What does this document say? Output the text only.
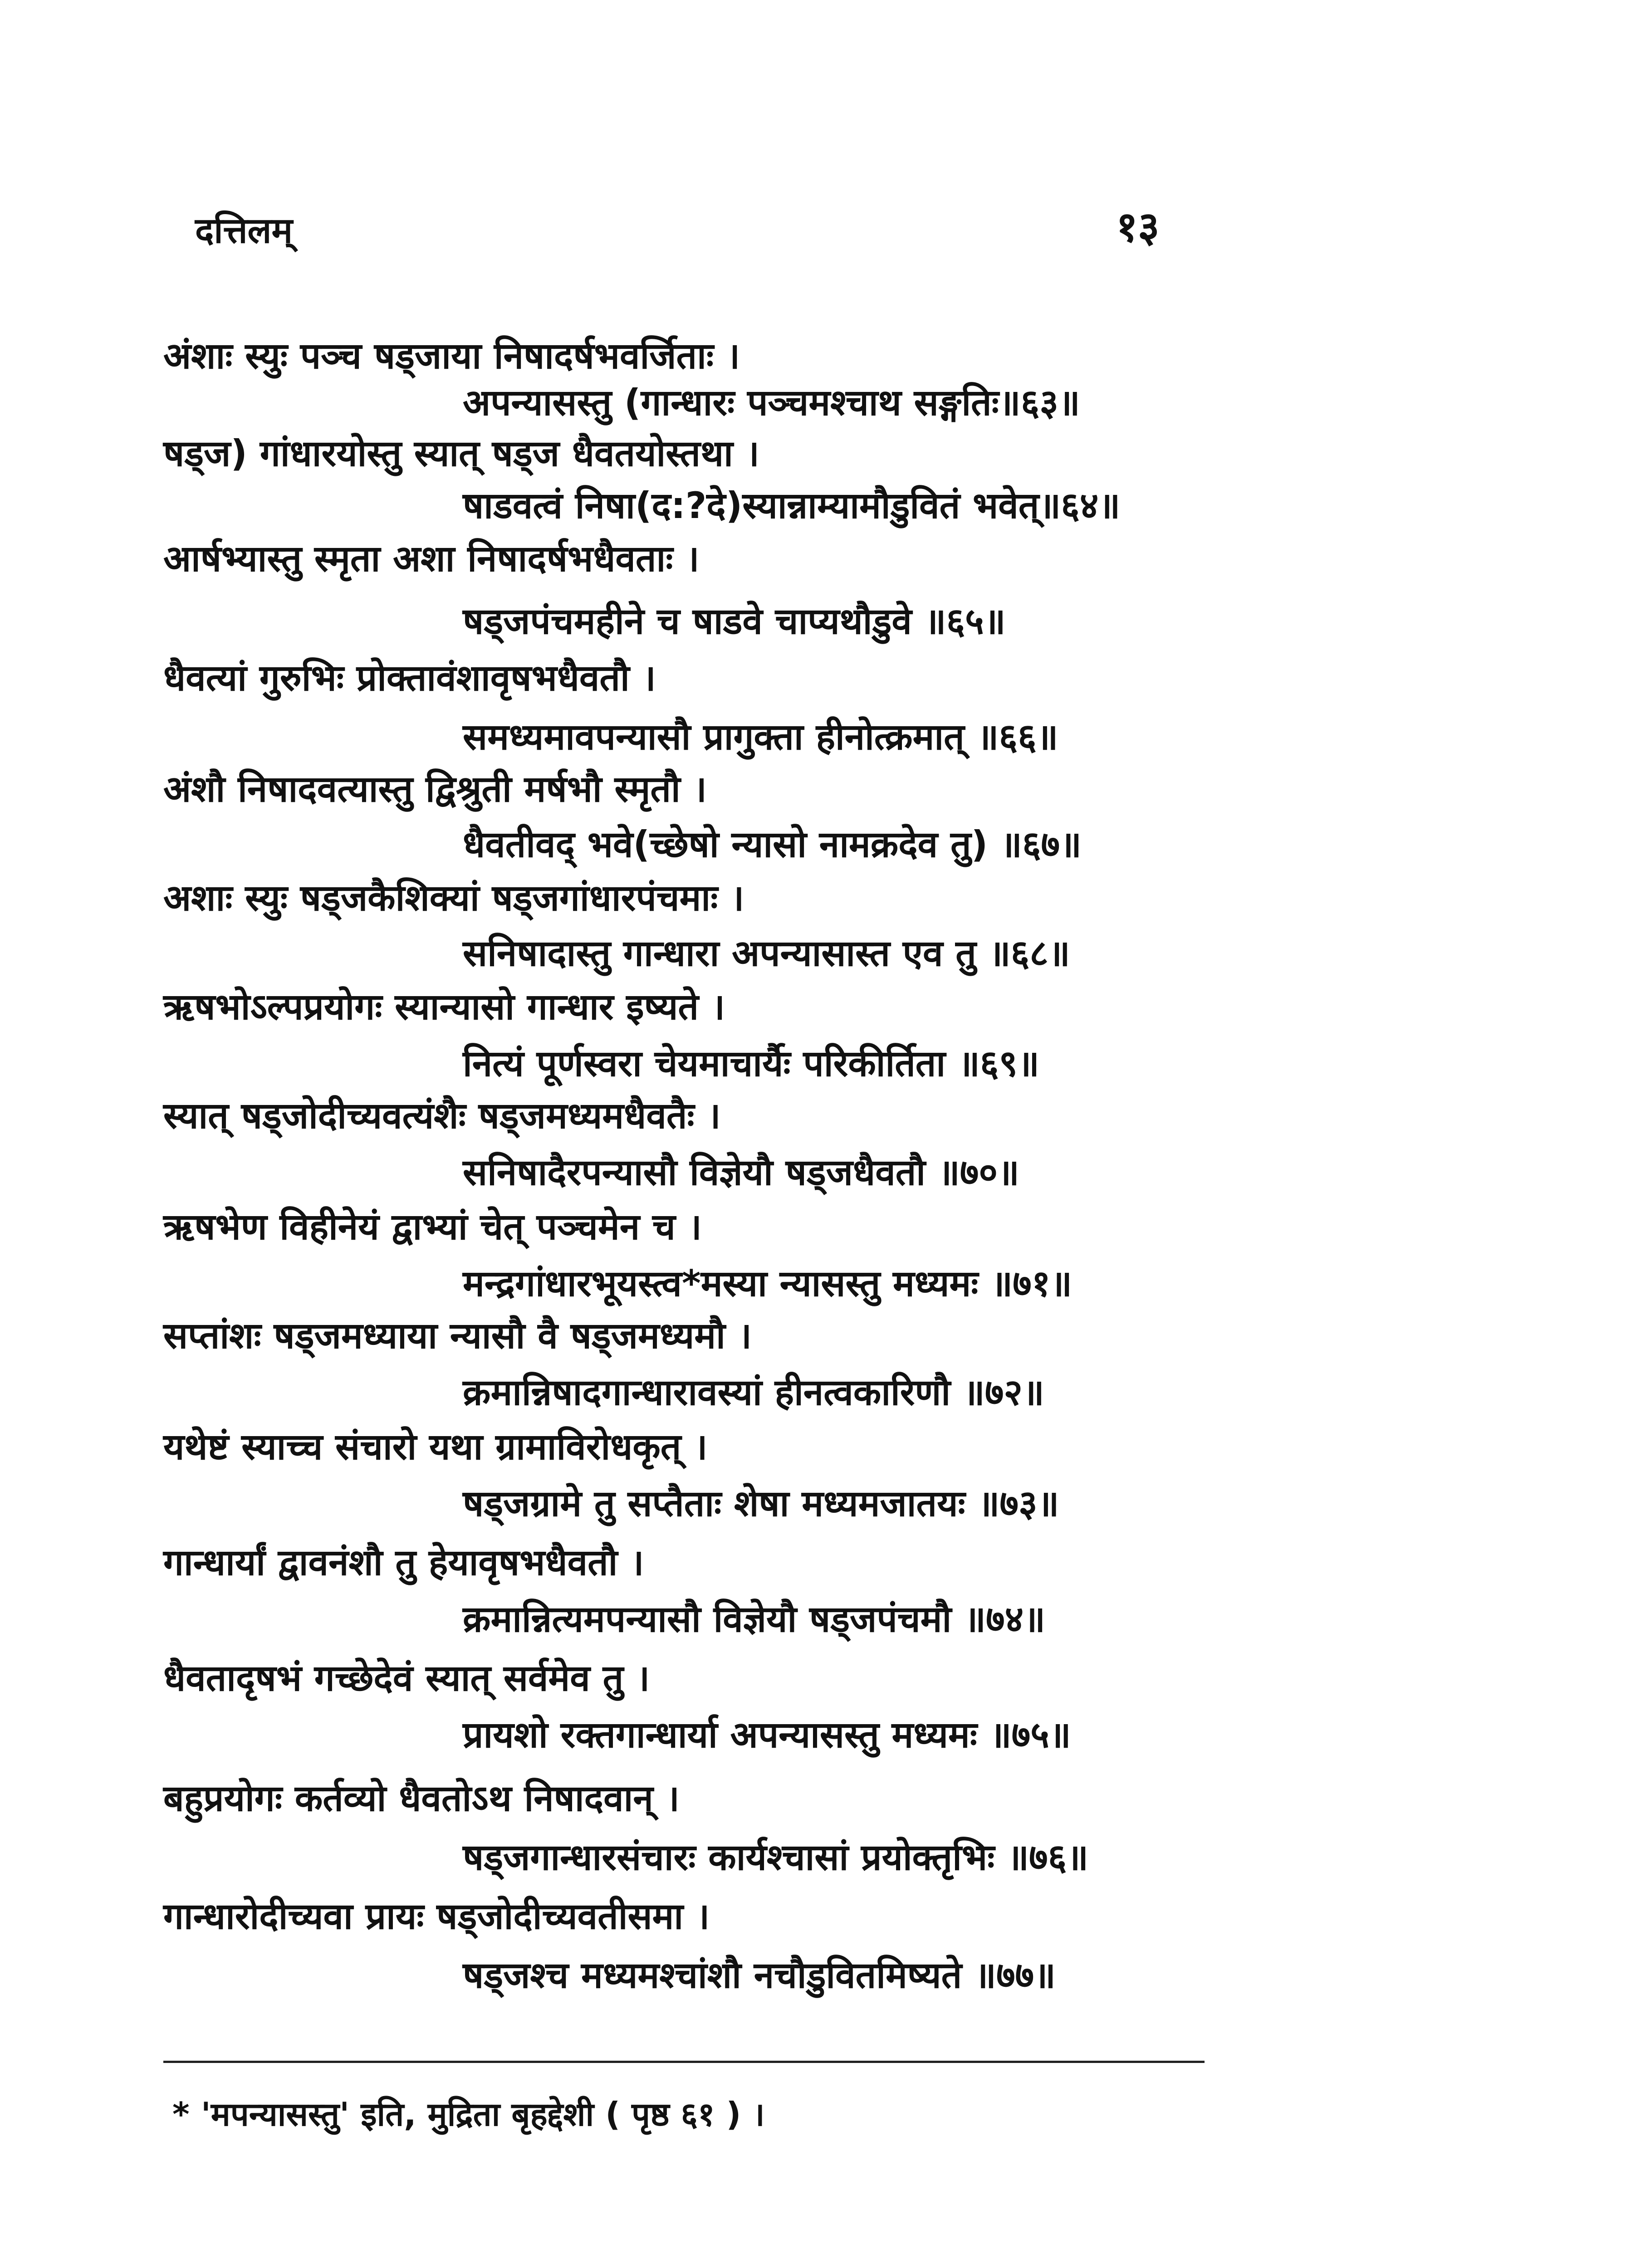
दत्तिलम्	१३
अंशाः स्युः पञ्च षड्जाया निषादर्षभवर्जिताः ।
अपन्यासस्तु (गान्धारः पञ्चमश्चाथ सङ्गतिः॥६३॥
षड्ज) गांधारयोस्तु स्यात् षड्ज धैवतयोस्तथा ।
षाडवत्वं निषा(द:?दे)स्यान्नाम्यामौडुवितं भवेत्॥६४॥
आर्षभ्यास्तु स्मृता अशा निषादर्षभधैवताः ।
षड्जपंचमहीने च षाडवे चाप्यथौडुवे ॥६५॥
धैवत्यां गुरुभिः प्रोक्तावंशावृषभधैवतौ ।
समध्यमावपन्यासौ प्रागुक्ता हीनोत्क्रमात् ॥६६॥
अंशौ निषादवत्यास्तु द्विश्रुती मर्षभौ स्मृतौ ।
धैवतीवद् भवे(च्छेषो न्यासो नामक्रदेव तु) ॥६७॥
अशाः स्युः षड्जकैशिक्यां षड्जगांधारपंचमाः ।
सनिषादास्तु गान्धारा अपन्यासास्त एव तु ॥६८॥
ऋषभोऽल्पप्रयोगः स्यान्यासो गान्धार इष्यते ।
नित्यं पूर्णस्वरा चेयमाचार्यैः परिकीर्तिता ॥६९॥
स्यात् षड्जोदीच्यवत्यंशैः षड्जमध्यमधैवतैः ।
सनिषादैरपन्यासौ विज्ञेयौ षड्जधैवतौ ॥७०॥
ऋषभेण विहीनेयं द्वाभ्यां चेत् पञ्चमेन च ।
मन्द्रगांधारभूयस्त्व*मस्या न्यासस्तु मध्यमः ॥७१॥
सप्तांशः षड्जमध्याया न्यासौ वै षड्जमध्यमौ ।
क्रमान्निषादगान्धारावस्यां हीनत्वकारिणौ ॥७२॥
यथेष्टं स्याच्च संचारो यथा ग्रामाविरोधकृत् ।
षड्जग्रामे तु सप्तैताः शेषा मध्यमजातयः ॥७३॥
गान्धार्यां द्वावनंशौ तु हेयावृषभधैवतौ ।
क्रमान्नित्यमपन्यासौ विज्ञेयौ षड्जपंचमौ ॥७४॥
धैवतादृषभं गच्छेदेवं स्यात् सर्वमेव तु ।
प्रायशो रक्तगान्धार्या अपन्यासस्तु मध्यमः ॥७५॥
बहुप्रयोगः कर्तव्यो धैवतोऽथ निषादवान् ।
षड्जगान्धारसंचारः कार्यश्चासां प्रयोक्तृभिः ॥७६॥
गान्धारोदीच्यवा प्रायः षड्जोदीच्यवतीसमा ।
षड्जश्च मध्यमश्चांशौ नचौडुवितमिष्यते ॥७७॥
* 'मपन्यासस्तु' इति, मुद्रिता बृहद्देशी ( पृष्ठ ६१ ) ।
